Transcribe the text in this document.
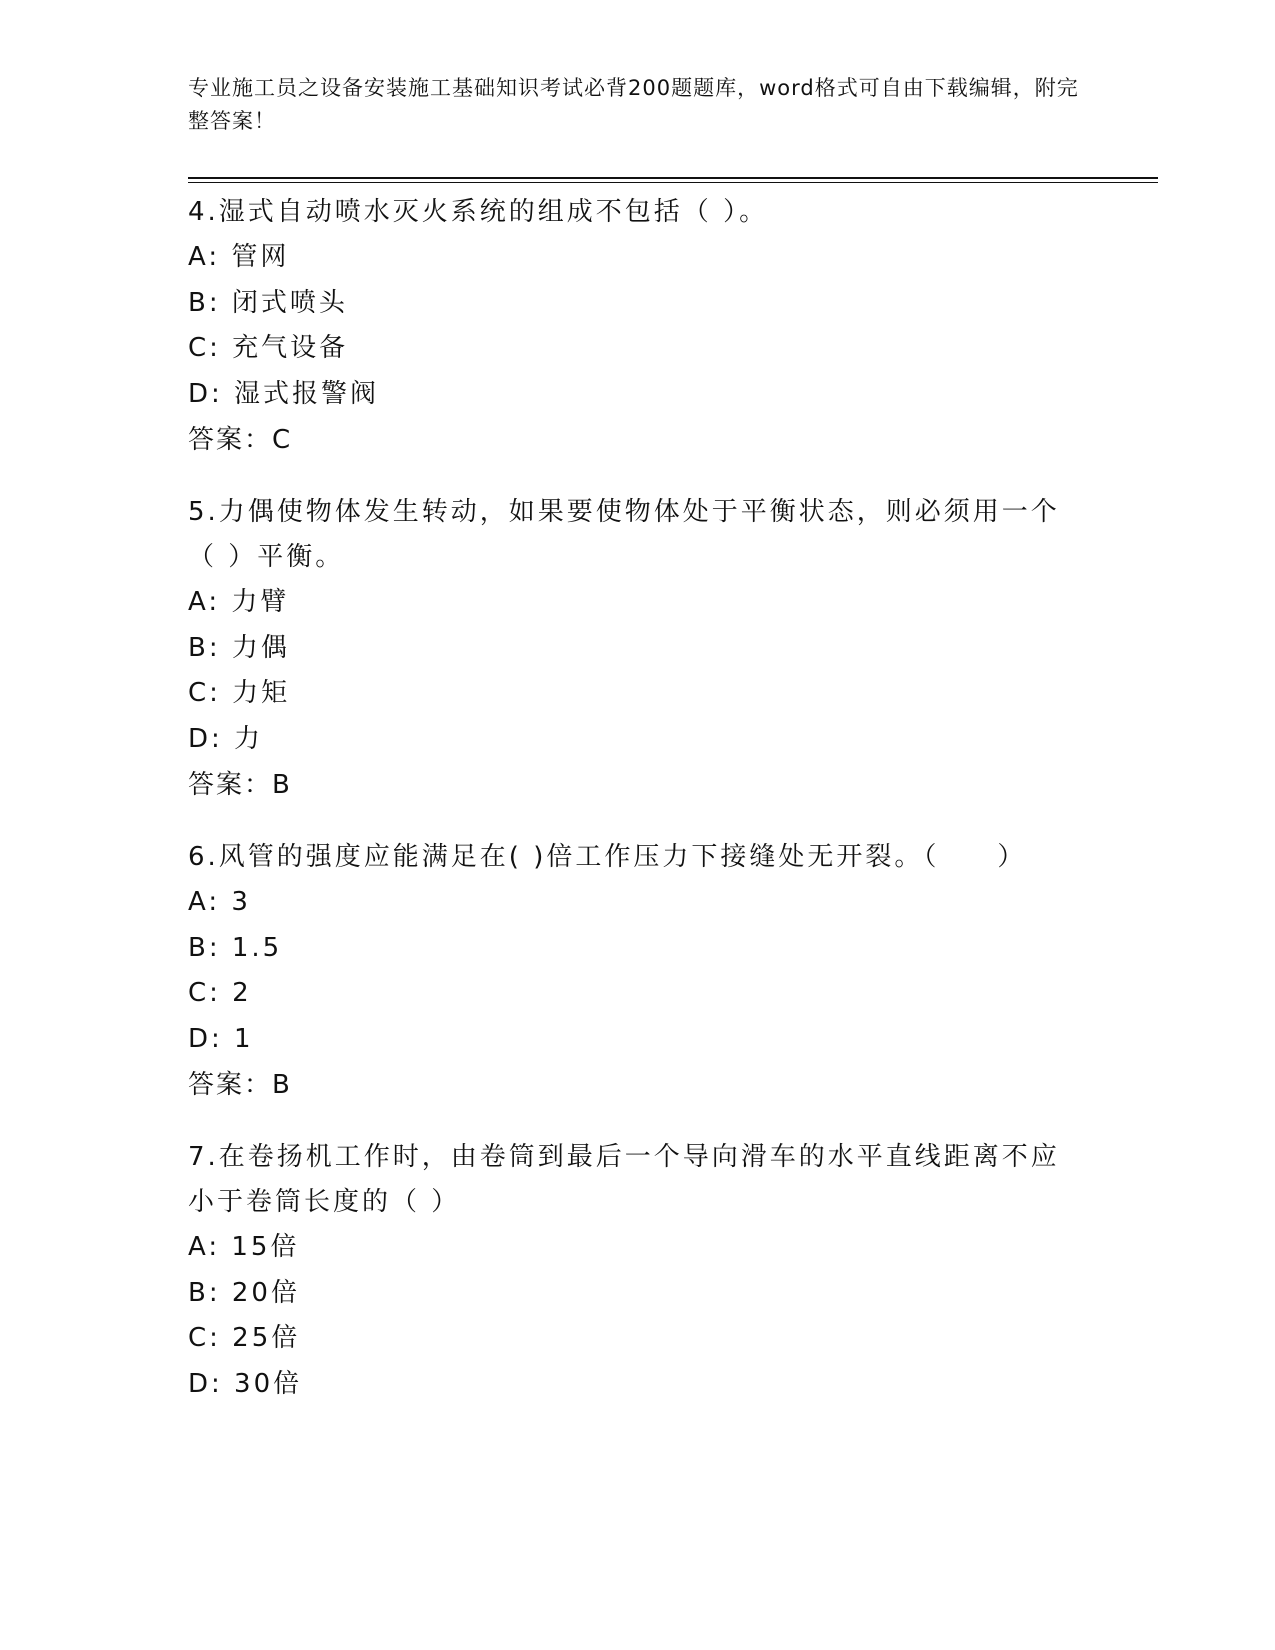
专业施工员之设备安装施工基础知识考试必背200题题库，word格式可自由下载编辑，附完整答案！
4.湿式自动喷水灭火系统的组成不包括（ ）。
A: 管网
B: 闭式喷头
C: 充气设备
D: 湿式报警阀
答案：C
5.力偶使物体发生转动，如果要使物体处于平衡状态，则必须用一个（ ）平衡。
A: 力臂
B: 力偶
C: 力矩
D: 力
答案：B
6.风管的强度应能满足在( )倍工作压力下接缝处无开裂。（　　）
A: 3
B: 1.5
C: 2
D: 1
答案：B
7.在卷扬机工作时，由卷筒到最后一个导向滑车的水平直线距离不应小于卷筒长度的（ ）
A: 15倍
B: 20倍
C: 25倍
D: 30倍
